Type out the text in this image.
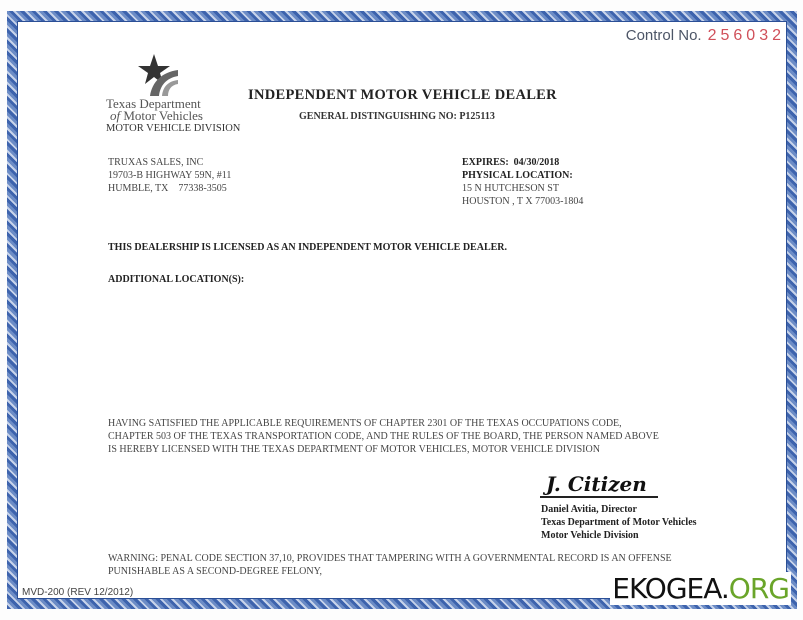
Control No. 256032
Texas Department
of Motor Vehicles
MOTOR VEHICLE DIVISION
INDEPENDENT MOTOR VEHICLE DEALER
GENERAL DISTINGUISHING NO: P125113
TRUXAS SALES, INC
19703-B HIGHWAY 59N, #11
HUMBLE, TX    77338-3505
EXPIRES:  04/30/2018
PHYSICAL LOCATION:
15 N HUTCHESON ST
HOUSTON , T X 77003-1804
THIS DEALERSHIP IS LICENSED AS AN INDEPENDENT MOTOR VEHICLE DEALER.
ADDITIONAL LOCATION(S):
HAVING SATISFIED THE APPLICABLE REQUIREMENTS OF CHAPTER 2301 OF THE TEXAS OCCUPATIONS CODE,
CHAPTER 503 OF THE TEXAS TRANSPORTATION CODE, AND THE RULES OF THE BOARD, THE PERSON NAMED ABOVE
IS HEREBY LICENSED WITH THE TEXAS DEPARTMENT OF MOTOR VEHICLES, MOTOR VEHICLE DIVISION
J. Citizen
Daniel Avitia, Director
Texas Department of Motor Vehicles
Motor Vehicle Division
WARNING: PENAL CODE SECTION 37,10, PROVIDES THAT TAMPERING WITH A GOVERNMENTAL RECORD IS AN OFFENSE
PUNISHABLE AS A SECOND-DEGREE FELONY,
MVD-200 (REV 12/2012)	EKOGEA.ORG
